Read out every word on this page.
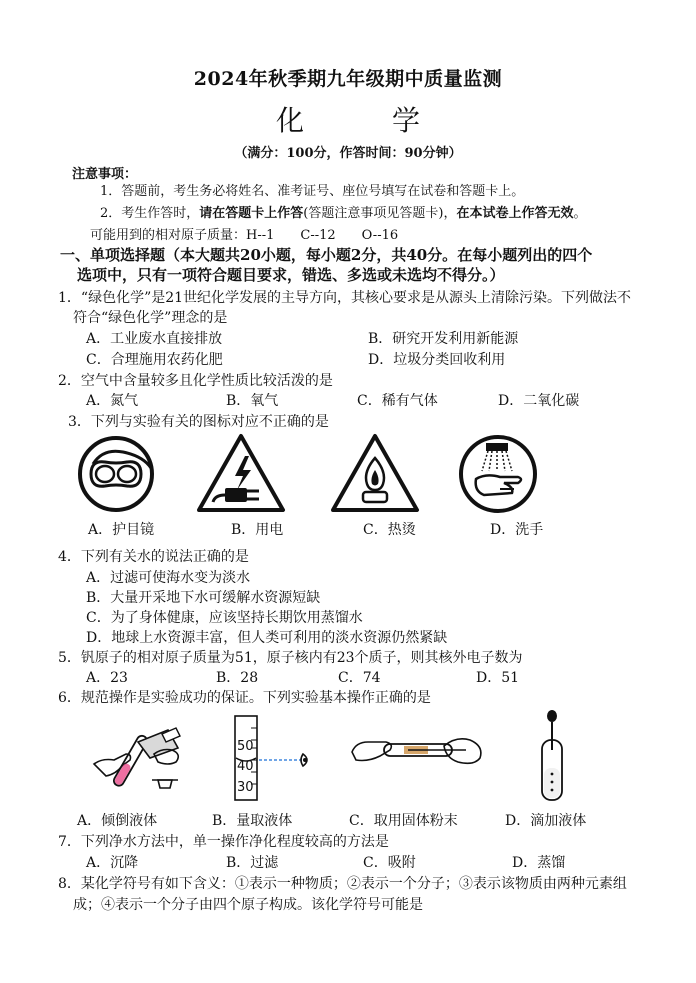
2024年秋季期九年级期中质量监测
化　学
（满分：100分，作答时间：90分钟）
注意事项：
1．答题前，考生务必将姓名、准考证号、座位号填写在试卷和答题卡上。
2．考生作答时，请在答题卡上作答(答题注意事项见答题卡)，在本试卷上作答无效。
可能用到的相对原子质量：H--1　　C--12　　O--16
一、单项选择题（本大题共20小题，每小题2分，共40分。在每小题列出的四个
选项中，只有一项符合题目要求，错选、多选或未选均不得分。）
1．“绿色化学”是21世纪化学发展的主导方向，其核心要求是从源头上清除污染。下列做法不
符合“绿色化学”理念的是
A．工业废水直接排放	B．研究开发利用新能源
C．合理施用农药化肥	D．垃圾分类回收利用
2．空气中含量较多且化学性质比较活泼的是
A．氮气	B．氧气	C．稀有气体	D．二氧化碳
3．下列与实验有关的图标对应不正确的是
A．护目镜	B．用电	C．热烫	D．洗手
4．下列有关水的说法正确的是
A．过滤可使海水变为淡水
B．大量开采地下水可缓解水资源短缺
C．为了身体健康，应该坚持长期饮用蒸馏水
D．地球上水资源丰富，但人类可利用的淡水资源仍然紧缺
5．钒原子的相对原子质量为51，原子核内有23个质子，则其核外电子数为
A．23	B．28	C．74	D．51
6．规范操作是实验成功的保证。下列实验基本操作正确的是
50
40
30
A．倾倒液体	B．量取液体	C．取用固体粉末	D．滴加液体
7．下列净水方法中，单一操作净化程度较高的方法是
A．沉降	B．过滤	C．吸附	D．蒸馏
8．某化学符号有如下含义：①表示一种物质；②表示一个分子；③表示该物质由两种元素组
成；④表示一个分子由四个原子构成。该化学符号可能是
